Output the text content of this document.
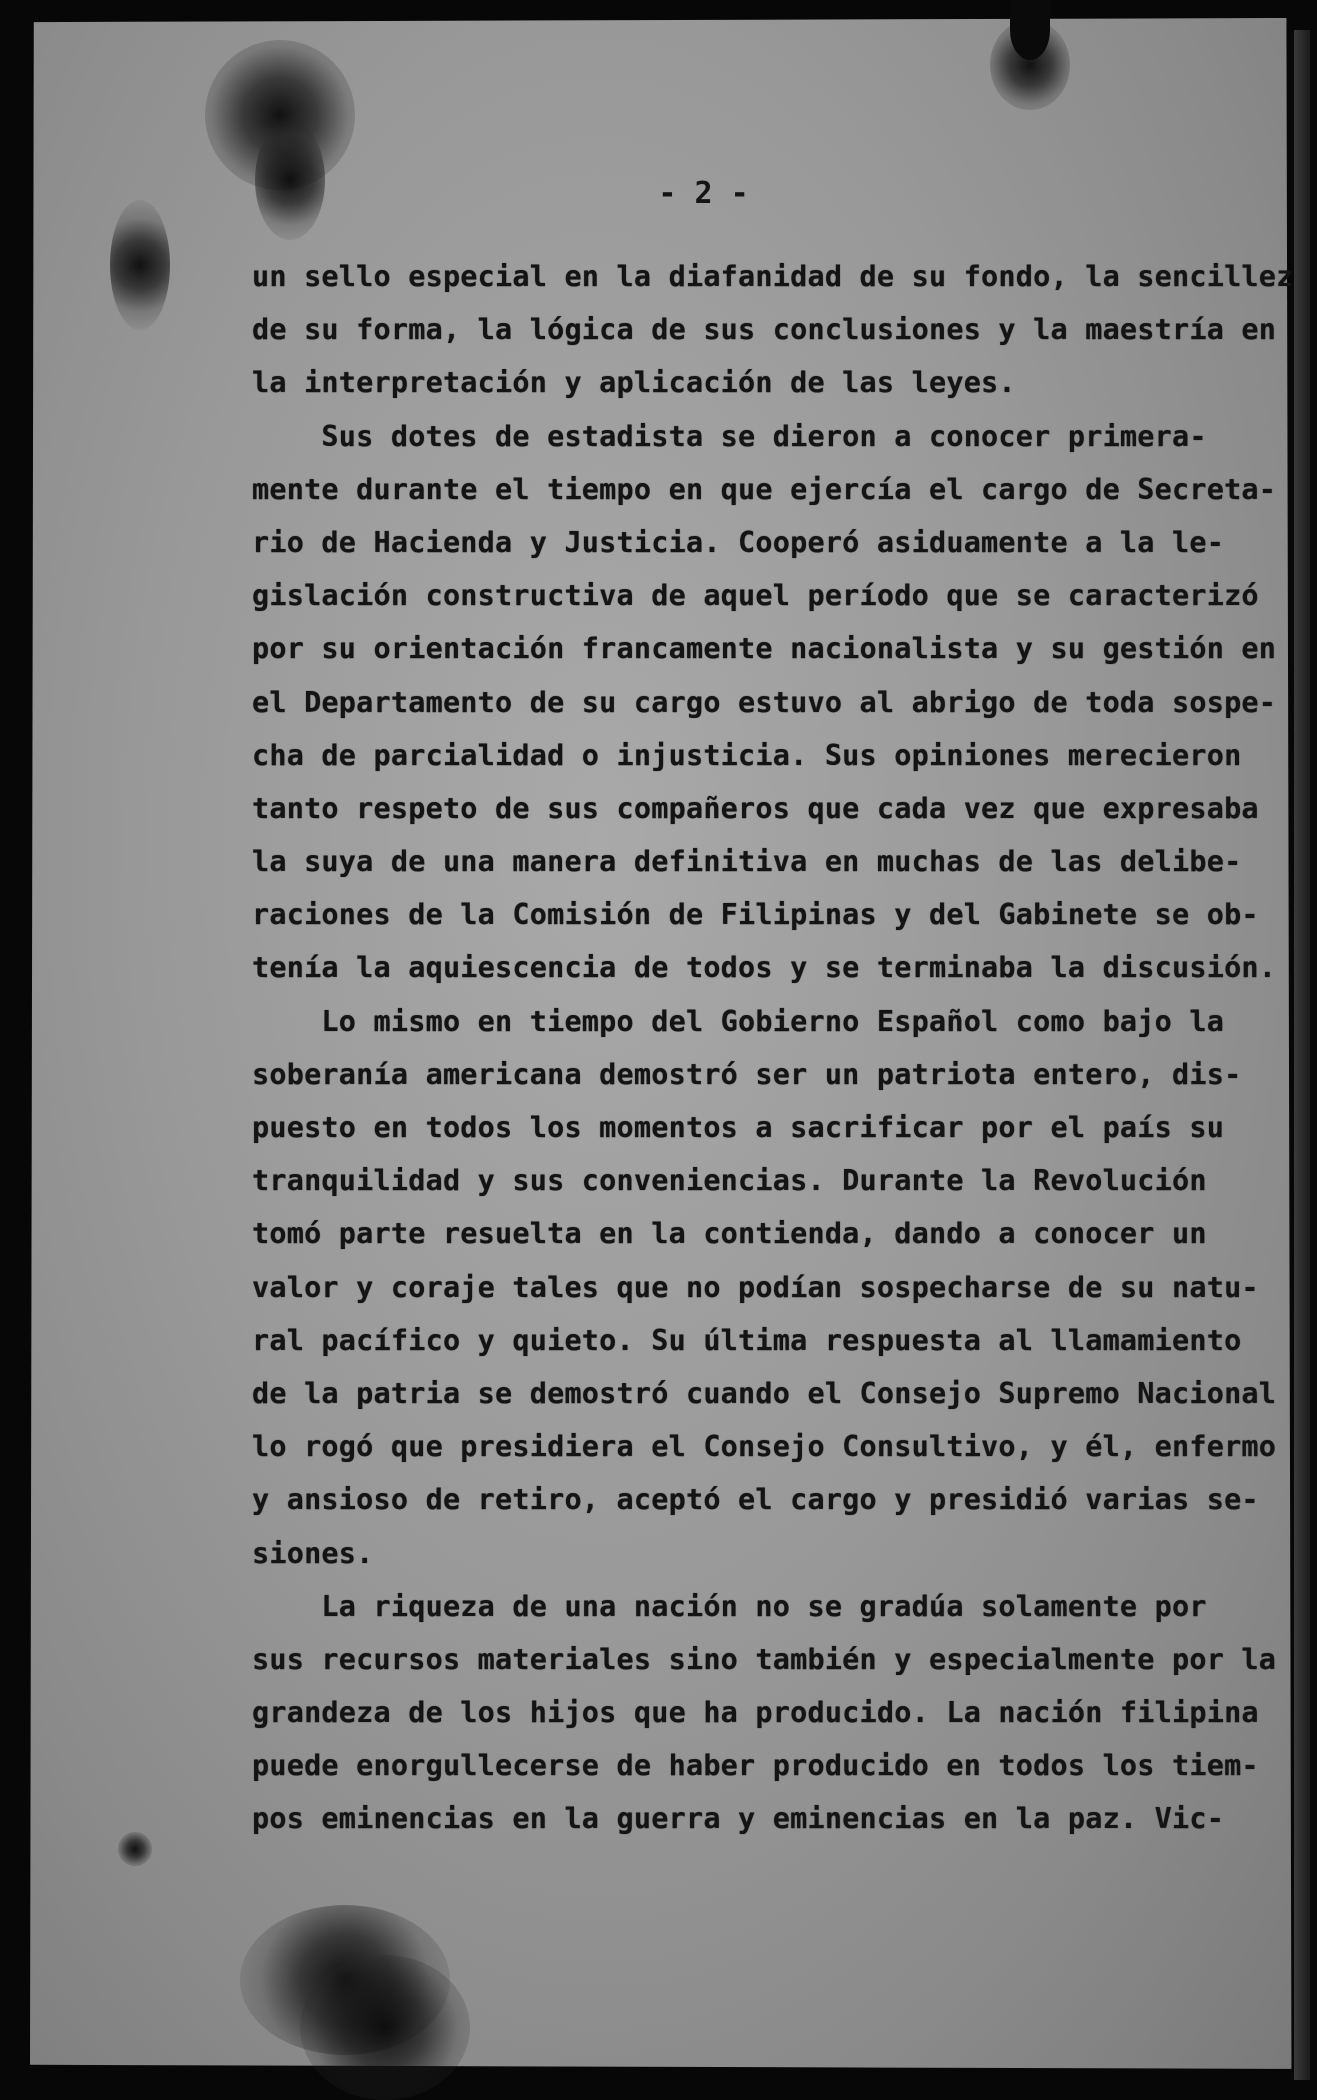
- 2 -
un sello especial en la diafanidad de su fondo, la sencillez
de su forma, la lógica de sus conclusiones y la maestría en
la interpretación y aplicación de las leyes.
Sus dotes de estadista se dieron a conocer primera-
mente durante el tiempo en que ejercía el cargo de Secreta-
rio de Hacienda y Justicia. Cooperó asiduamente a la le-
gislación constructiva de aquel período que se caracterizó
por su orientación francamente nacionalista y su gestión en
el Departamento de su cargo estuvo al abrigo de toda sospe-
cha de parcialidad o injusticia. Sus opiniones merecieron
tanto respeto de sus compañeros que cada vez que expresaba
la suya de una manera definitiva en muchas de las delibe-
raciones de la Comisión de Filipinas y del Gabinete se ob-
tenía la aquiescencia de todos y se terminaba la discusión.
Lo mismo en tiempo del Gobierno Español como bajo la
soberanía americana demostró ser un patriota entero, dis-
puesto en todos los momentos a sacrificar por el país su
tranquilidad y sus conveniencias. Durante la Revolución
tomó parte resuelta en la contienda, dando a conocer un
valor y coraje tales que no podían sospecharse de su natu-
ral pacífico y quieto. Su última respuesta al llamamiento
de la patria se demostró cuando el Consejo Supremo Nacional
lo rogó que presidiera el Consejo Consultivo, y él, enfermo
y ansioso de retiro, aceptó el cargo y presidió varias se-
siones.
La riqueza de una nación no se gradúa solamente por
sus recursos materiales sino también y especialmente por la
grandeza de los hijos que ha producido. La nación filipina
puede enorgullecerse de haber producido en todos los tiem-
pos eminencias en la guerra y eminencias en la paz. Vic-
